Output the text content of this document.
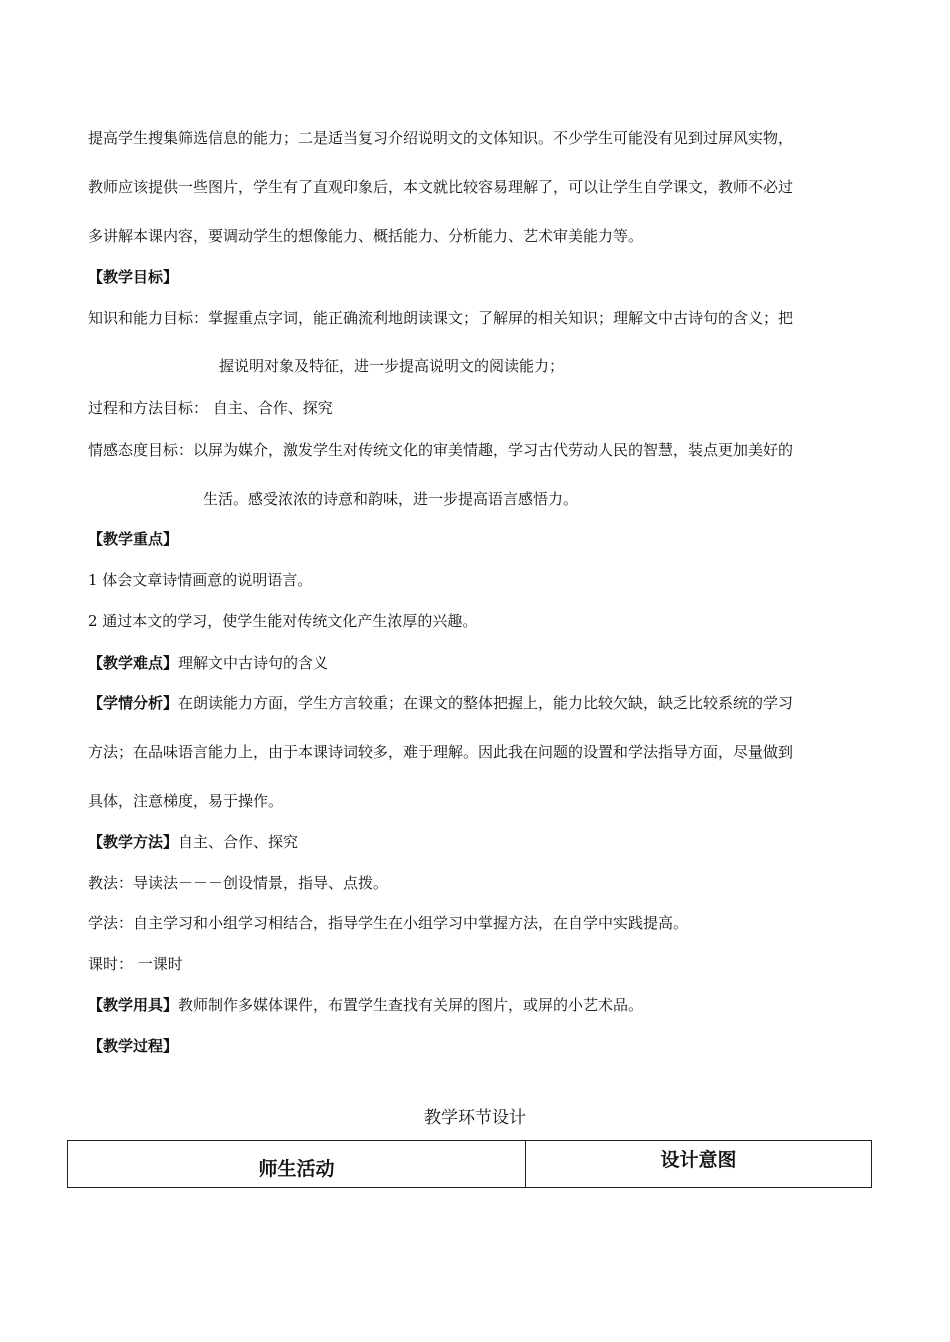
提高学生搜集筛选信息的能力；二是适当复习介绍说明文的文体知识。不少学生可能没有见到过屏风实物，
教师应该提供一些图片，学生有了直观印象后，本文就比较容易理解了，可以让学生自学课文，教师不必过
多讲解本课内容，要调动学生的想像能力、概括能力、分析能力、艺术审美能力等。
【教学目标】
知识和能力目标：掌握重点字词，能正确流利地朗读课文；了解屏的相关知识；理解文中古诗句的含义；把
握说明对象及特征，进一步提高说明文的阅读能力；
过程和方法目标： 自主、合作、探究
情感态度目标：以屏为媒介，激发学生对传统文化的审美情趣，学习古代劳动人民的智慧，装点更加美好的
生活。感受浓浓的诗意和韵味，进一步提高语言感悟力。
【教学重点】
1 体会文章诗情画意的说明语言。
2 通过本文的学习，使学生能对传统文化产生浓厚的兴趣。
【教学难点】理解文中古诗句的含义
【学情分析】在朗读能力方面，学生方言较重；在课文的整体把握上，能力比较欠缺，缺乏比较系统的学习
方法；在品味语言能力上，由于本课诗词较多，难于理解。因此我在问题的设置和学法指导方面，尽量做到
具体，注意梯度，易于操作。
【教学方法】自主、合作、探究
教法：导读法－－－创设情景，指导、点拨。
学法：自主学习和小组学习相结合，指导学生在小组学习中掌握方法，在自学中实践提高。
课时： 一课时
【教学用具】教师制作多媒体课件，布置学生查找有关屏的图片，或屏的小艺术品。
【教学过程】
教学环节设计
师生活动	设计意图
